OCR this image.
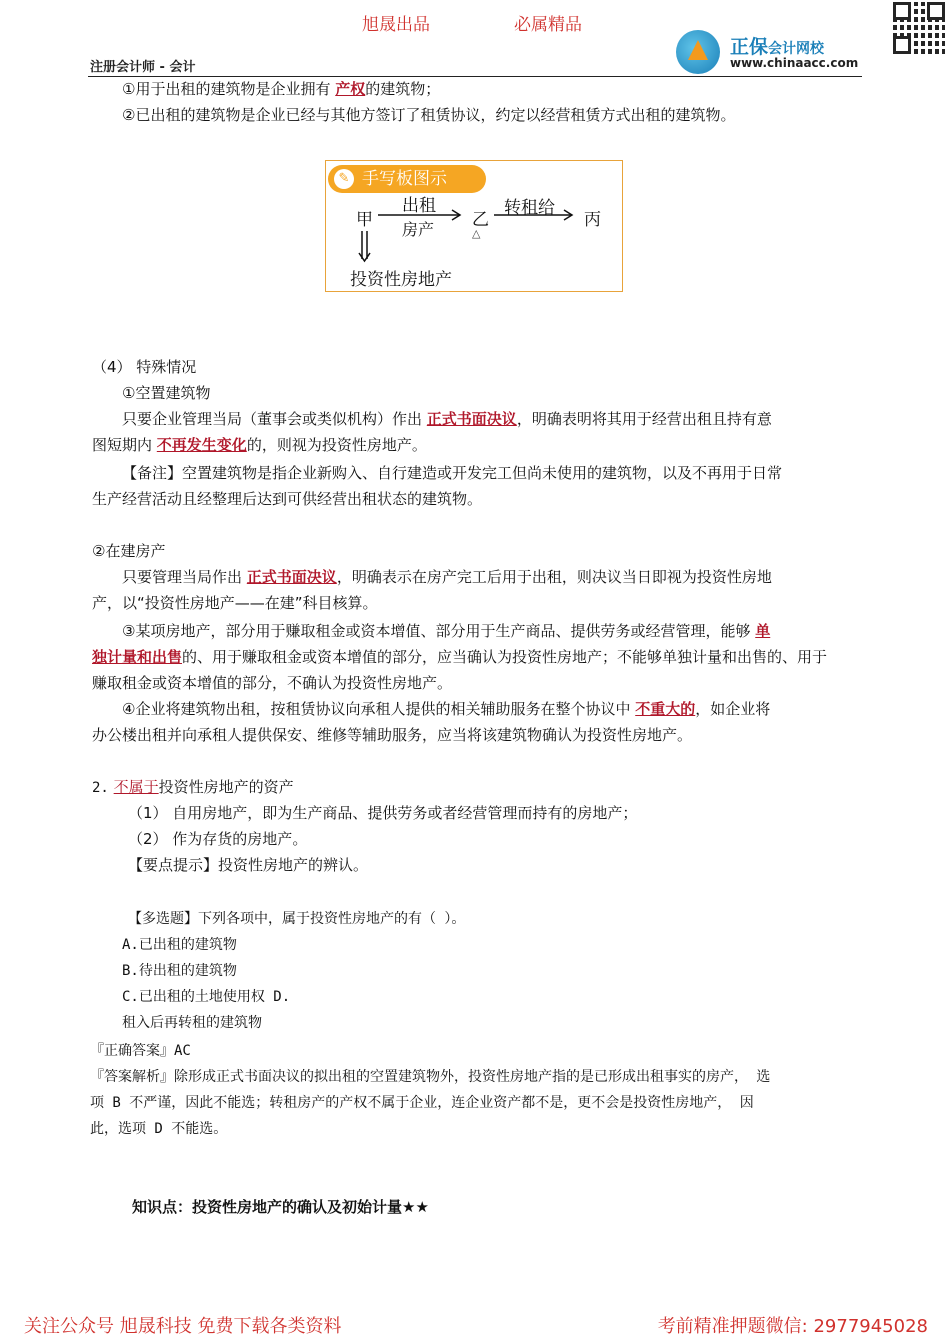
旭晟出品	必属精品
注册会计师 - 会计
正保会计网校
www.chinaacc.com
①用于出租的建筑物是企业拥有 产权的建筑物；
②已出租的建筑物是企业已经与其他方签订了租赁协议，约定以经营租赁方式出租的建筑物。
✎ 手写板图示
甲
出租
房产 乙
△
转租给
丙
投资性房地产
（4） 特殊情况
①空置建筑物
只要企业管理当局（董事会或类似机构）作出 正式书面决议，明确表明将其用于经营出租且持有意
图短期内 不再发生变化的，则视为投资性房地产。
【备注】空置建筑物是指企业新购入、自行建造或开发完工但尚未使用的建筑物，以及不再用于日常
生产经营活动且经整理后达到可供经营出租状态的建筑物。
②在建房产
只要管理当局作出 正式书面决议，明确表示在房产完工后用于出租，则决议当日即视为投资性房地
产，以“投资性房地产——在建”科目核算。
③某项房地产，部分用于赚取租金或资本增值、部分用于生产商品、提供劳务或经营管理，能够 单
独计量和出售的、用于赚取租金或资本增值的部分，应当确认为投资性房地产；不能够单独计量和出售的、用于
赚取租金或资本增值的部分，不确认为投资性房地产。
④企业将建筑物出租，按租赁协议向承租人提供的相关辅助服务在整个协议中 不重大的，如企业将
办公楼出租并向承租人提供保安、维修等辅助服务，应当将该建筑物确认为投资性房地产。
2. 不属于投资性房地产的资产
（1） 自用房地产，即为生产商品、提供劳务或者经营管理而持有的房地产；
（2） 作为存货的房地产。
【要点提示】投资性房地产的辨认。
【多选题】下列各项中，属于投资性房地产的有（ ）。
A.已出租的建筑物
B.待出租的建筑物
C.已出租的土地使用权 D.
租入后再转租的建筑物
『正确答案』AC
『答案解析』除形成正式书面决议的拟出租的空置建筑物外，投资性房地产指的是已形成出租事实的房产， 选
项 B 不严谨，因此不能选；转租房产的产权不属于企业，连企业资产都不是，更不会是投资性房地产， 因
此，选项 D 不能选。
知识点：投资性房地产的确认及初始计量★★
关注公众号 旭晟科技 免费下载各类资料	考前精准押题微信: 2977945028
